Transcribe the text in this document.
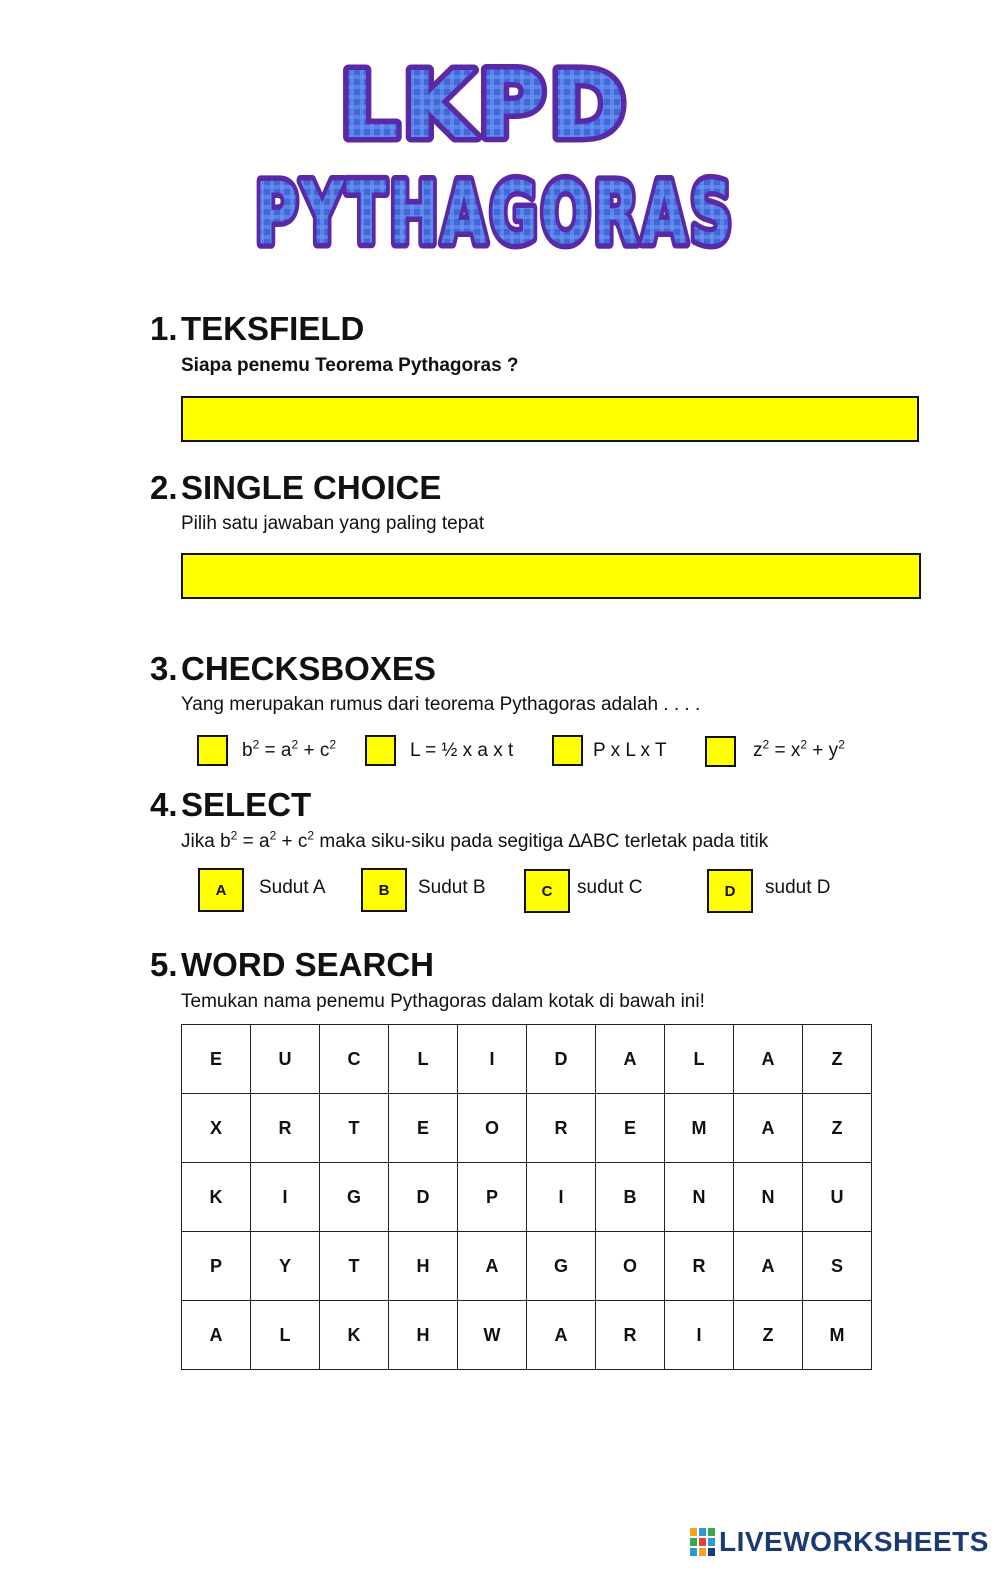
LKPD
PYTHAGORAS
1. TEKSFIELD
Siapa penemu Teorema Pythagoras ?
2. SINGLE CHOICE
Pilih satu jawaban yang paling tepat
3. CHECKSBOXES
Yang merupakan rumus dari teorema Pythagoras adalah . . . .
$b^2 = a^2 + c^2$	L = ½ x a x t	P x L x T	$z^2 = x^2 + y^2$
4. SELECT
Jika $b^2 = a^2 + c^2$ maka siku-siku pada segitiga ∆ABC terletak pada titik
A	Sudut A	B	Sudut B	C	sudut C	D	sudut D
5. WORD SEARCH
Temukan nama penemu Pythagoras dalam kotak di bawah ini!
E	U	C	L	I	D	A	L	A	Z
X	R	T	E	O	R	E	M	A	Z
K	I	G	D	P	I	B	N	N	U
P	Y	T	H	A	G	O	R	A	S
A	L	K	H	W	A	R	I	Z	M
LIVEWORKSHEETS
